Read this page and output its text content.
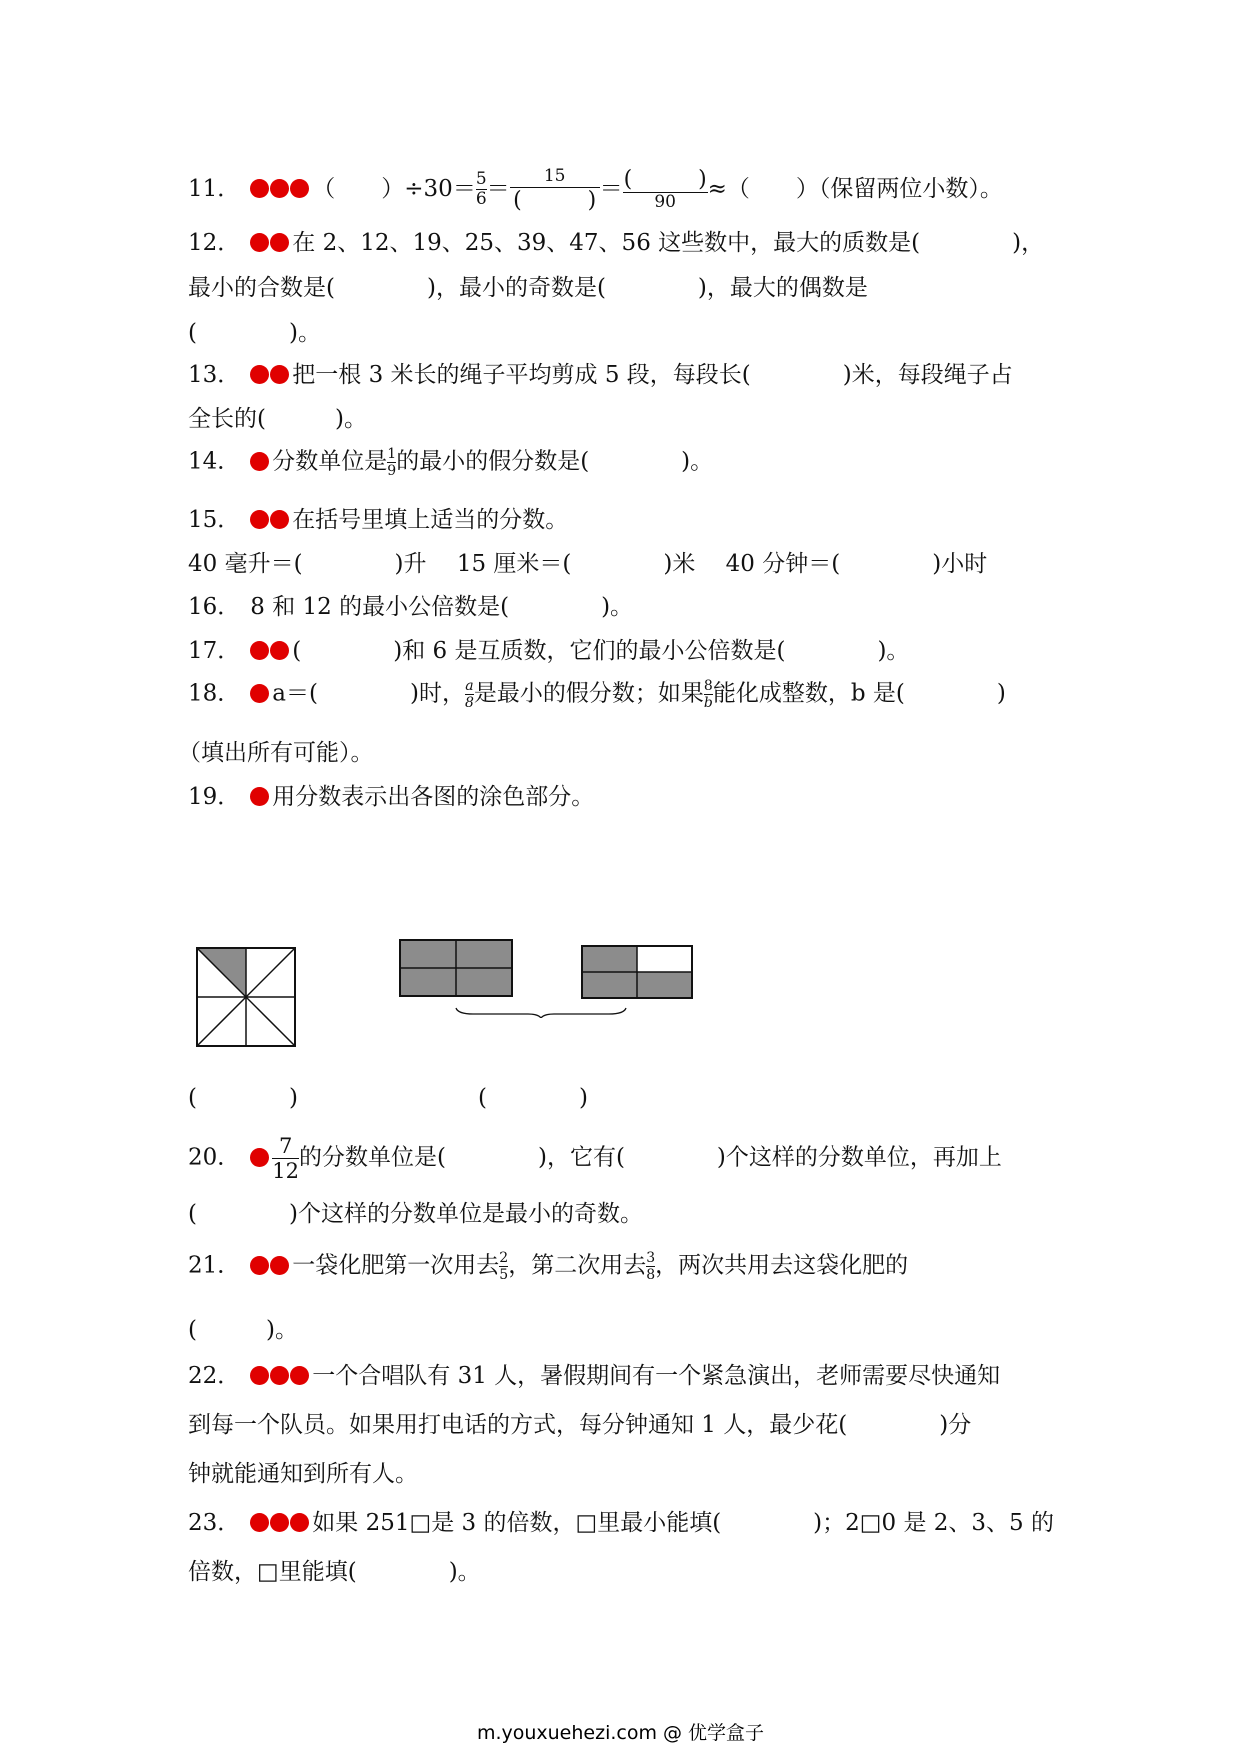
11．	（　　）$\div 30= \frac{5}{6} = \frac{15}{( )} = \frac{( )}{90}$ ≈（　　）（保留两位小数）。
12． 在 2、12、19、25、39、47、56 这些数中，最大的质数是(　　　　)，
最小的合数是(　　　　)，最小的奇数是(　　　　)，最大的偶数是
(　　　　)。
13． 把一根 3 米长的绳子平均剪成 5 段，每段长(　　　　)米，每段绳子占
全长的(　　　)。
14． 分数单位是 $\frac{1}{9}$ 的最小的假分数是(　　　　)。
15． 在括号里填上适当的分数。
40 毫升＝(　　　　)升　 15 厘米＝(　　　　)米　 40 分钟＝(　　　　)小时
16． 8 和 12 的最小公倍数是(　　　　)。
17． (　　　　)和 6 是互质数，它们的最小公倍数是(　　　　)。
18． a＝(　　　　)时， $\frac{a}{8}$ 是最小的假分数；如果 $\frac{8}{b}$ 能化成整数，b 是(　　　　)
（填出所有可能）。
19． 用分数表示出各图的涂色部分。
(　　　　)	(　　　　)
20． $\frac{7}{12}$ 的分数单位是(　　　　)，它有(　　　　)个这样的分数单位，再加上
(　　　　)个这样的分数单位是最小的奇数。
21． 一袋化肥第一次用去 $\frac{2}{5}$ ，第二次用去 $\frac{3}{8}$ ，两次共用去这袋化肥的
(　　　)。
22．	一个合唱队有 31 人，暑假期间有一个紧急演出，老师需要尽快通知
到每一个队员。如果用打电话的方式，每分钟通知 1 人，最少花(　　　　)分
钟就能通知到所有人。
23．	如果 251□是 3 的倍数，□里最小能填(　　　　)；2□0 是 2、3、5 的
倍数，□里能填(　　　　)。
m.youxuehezi.com @ 优学盒子
